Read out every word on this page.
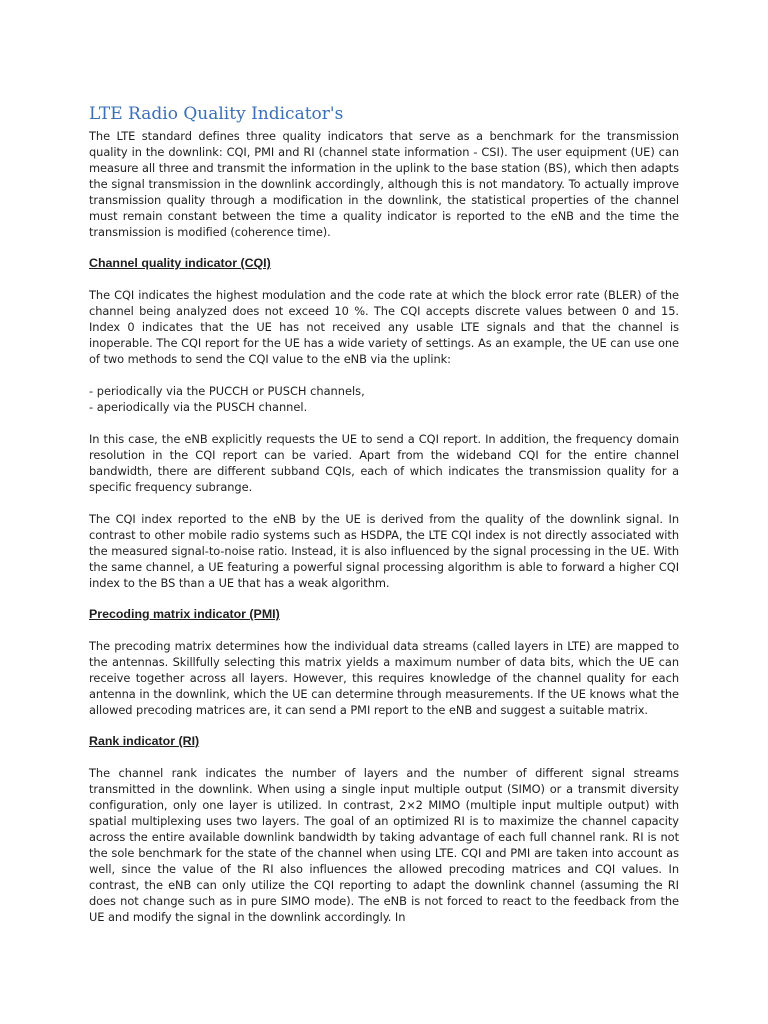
LTE Radio Quality Indicator's

The LTE standard defines three quality indicators that serve as a benchmark for the transmission quality in the downlink: CQI, PMI and RI (channel state information - CSI). The user equipment (UE) can measure all three and transmit the information in the uplink to the base station (BS), which then adapts the signal transmission in the downlink accordingly, although this is not mandatory. To actually improve transmission quality through a modification in the downlink, the statistical properties of the channel must remain constant between the time a quality indicator is reported to the eNB and the time the transmission is modified (coherence time).

Channel quality indicator (CQI)

The CQI indicates the highest modulation and the code rate at which the block error rate (BLER) of the channel being analyzed does not exceed 10 %. The CQI accepts discrete values between 0 and 15. Index 0 indicates that the UE has not received any usable LTE signals and that the channel is inoperable. The CQI report for the UE has a wide variety of settings. As an example, the UE can use one of two methods to send the CQI value to the eNB via the uplink:

- periodically via the PUCCH or PUSCH channels,
- aperiodically via the PUSCH channel.

In this case, the eNB explicitly requests the UE to send a CQI report. In addition, the frequency domain resolution in the CQI report can be varied. Apart from the wideband CQI for the entire channel bandwidth, there are different subband CQIs, each of which indicates the transmission quality for a specific frequency subrange.

The CQI index reported to the eNB by the UE is derived from the quality of the downlink signal. In contrast to other mobile radio systems such as HSDPA, the LTE CQI index is not directly associated with the measured signal-to-noise ratio. Instead, it is also influenced by the signal processing in the UE. With the same channel, a UE featuring a powerful signal processing algorithm is able to forward a higher CQI index to the BS than a UE that has a weak algorithm.

Precoding matrix indicator (PMI)

The precoding matrix determines how the individual data streams (called layers in LTE) are mapped to the antennas. Skillfully selecting this matrix yields a maximum number of data bits, which the UE can receive together across all layers. However, this requires knowledge of the channel quality for each antenna in the downlink, which the UE can determine through measurements. If the UE knows what the allowed precoding matrices are, it can send a PMI report to the eNB and suggest a suitable matrix.

Rank indicator (RI)

The channel rank indicates the number of layers and the number of different signal streams transmitted in the downlink. When using a single input multiple output (SIMO) or a transmit diversity configuration, only one layer is utilized. In contrast, 2×2 MIMO (multiple input multiple output) with spatial multiplexing uses two layers. The goal of an optimized RI is to maximize the channel capacity across the entire available downlink bandwidth by taking advantage of each full channel rank. RI is not the sole benchmark for the state of the channel when using LTE. CQI and PMI are taken into account as well, since the value of the RI also influences the allowed precoding matrices and CQI values. In contrast, the eNB can only utilize the CQI reporting to adapt the downlink channel (assuming the RI does not change such as in pure SIMO mode). The eNB is not forced to react to the feedback from the UE and modify the signal in the downlink accordingly. In
